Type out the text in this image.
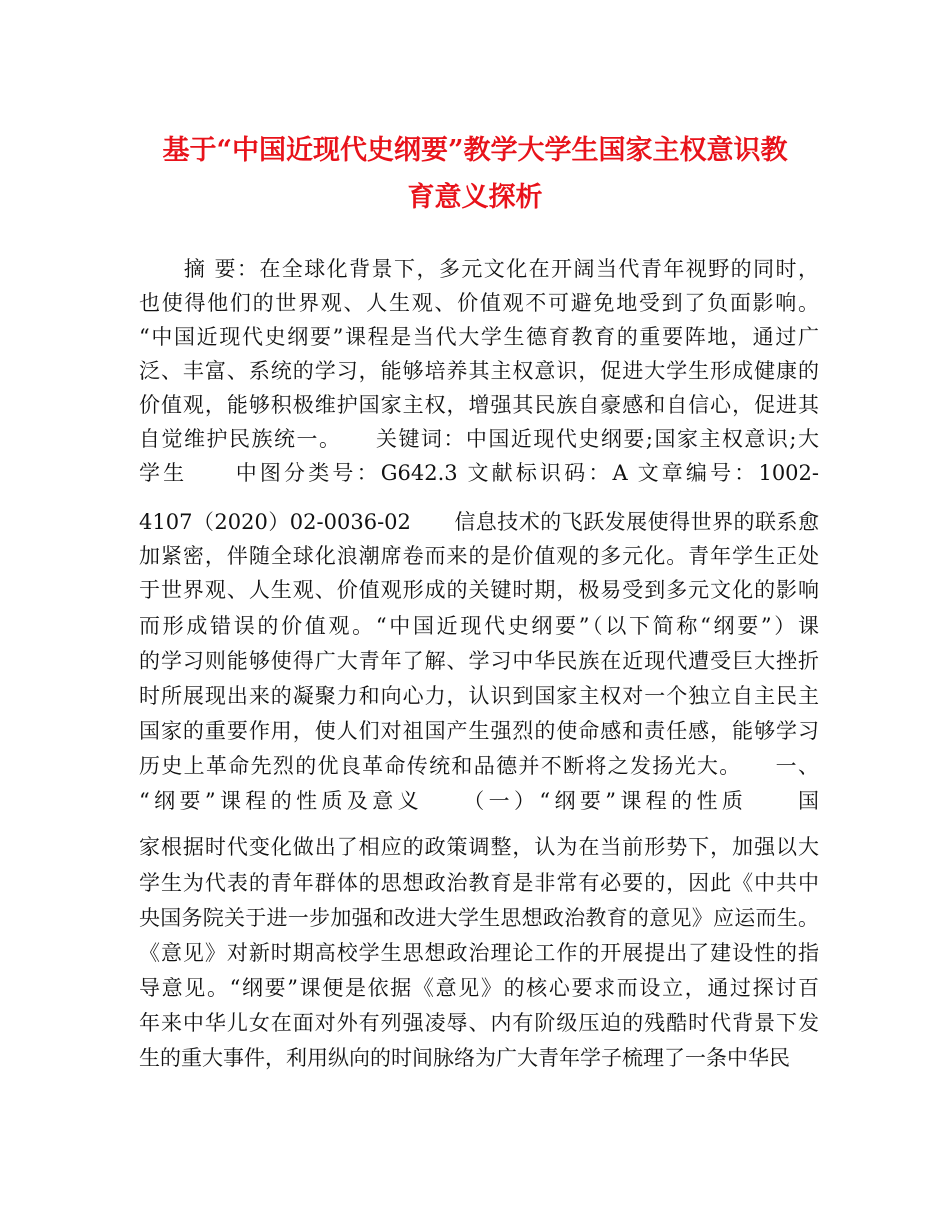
基于“中国近现代史纲要”教学大学生国家主权意识教
育意义探析
　　摘 要：在全球化背景下，多元文化在开阔当代青年视野的同时，
也使得他们的世界观、人生观、价值观不可避免地受到了负面影响。
“中国近现代史纲要”课程是当代大学生德育教育的重要阵地，通过广
泛、丰富、系统的学习，能够培养其主权意识，促进大学生形成健康的
价值观，能够积极维护国家主权，增强其民族自豪感和自信心，促进其
自觉维护民族统一。　　关键词：中国近现代史纲要;国家主权意识;大
学生　　中图分类号：G642.3 文献标识码：A 文章编号：1002-
4107（2020）02-0036-02　　信息技术的飞跃发展使得世界的联系愈
加紧密，伴随全球化浪潮席卷而来的是价值观的多元化。青年学生正处
于世界观、人生观、价值观形成的关键时期，极易受到多元文化的影响
而形成错误的价值观。“中国近现代史纲要”（以下简称“纲要”）课
的学习则能够使得广大青年了解、学习中华民族在近现代遭受巨大挫折
时所展现出来的凝聚力和向心力，认识到国家主权对一个独立自主民主
国家的重要作用，使人们对祖国产生强烈的使命感和责任感，能够学习
历史上革命先烈的优良革命传统和品德并不断将之发扬光大。　　一、
“纲要”课程的性质及意义　　（一）“纲要”课程的性质　　国
家根据时代变化做出了相应的政策调整，认为在当前形势下，加强以大
学生为代表的青年群体的思想政治教育是非常有必要的，因此《中共中
央国务院关于进一步加强和改进大学生思想政治教育的意见》应运而生。
《意见》对新时期高校学生思想政治理论工作的开展提出了建设性的指
导意见。“纲要”课便是依据《意见》的核心要求而设立，通过探讨百
年来中华儿女在面对外有列强凌辱、内有阶级压迫的残酷时代背景下发
生的重大事件，利用纵向的时间脉络为广大青年学子梳理了一条中华民
